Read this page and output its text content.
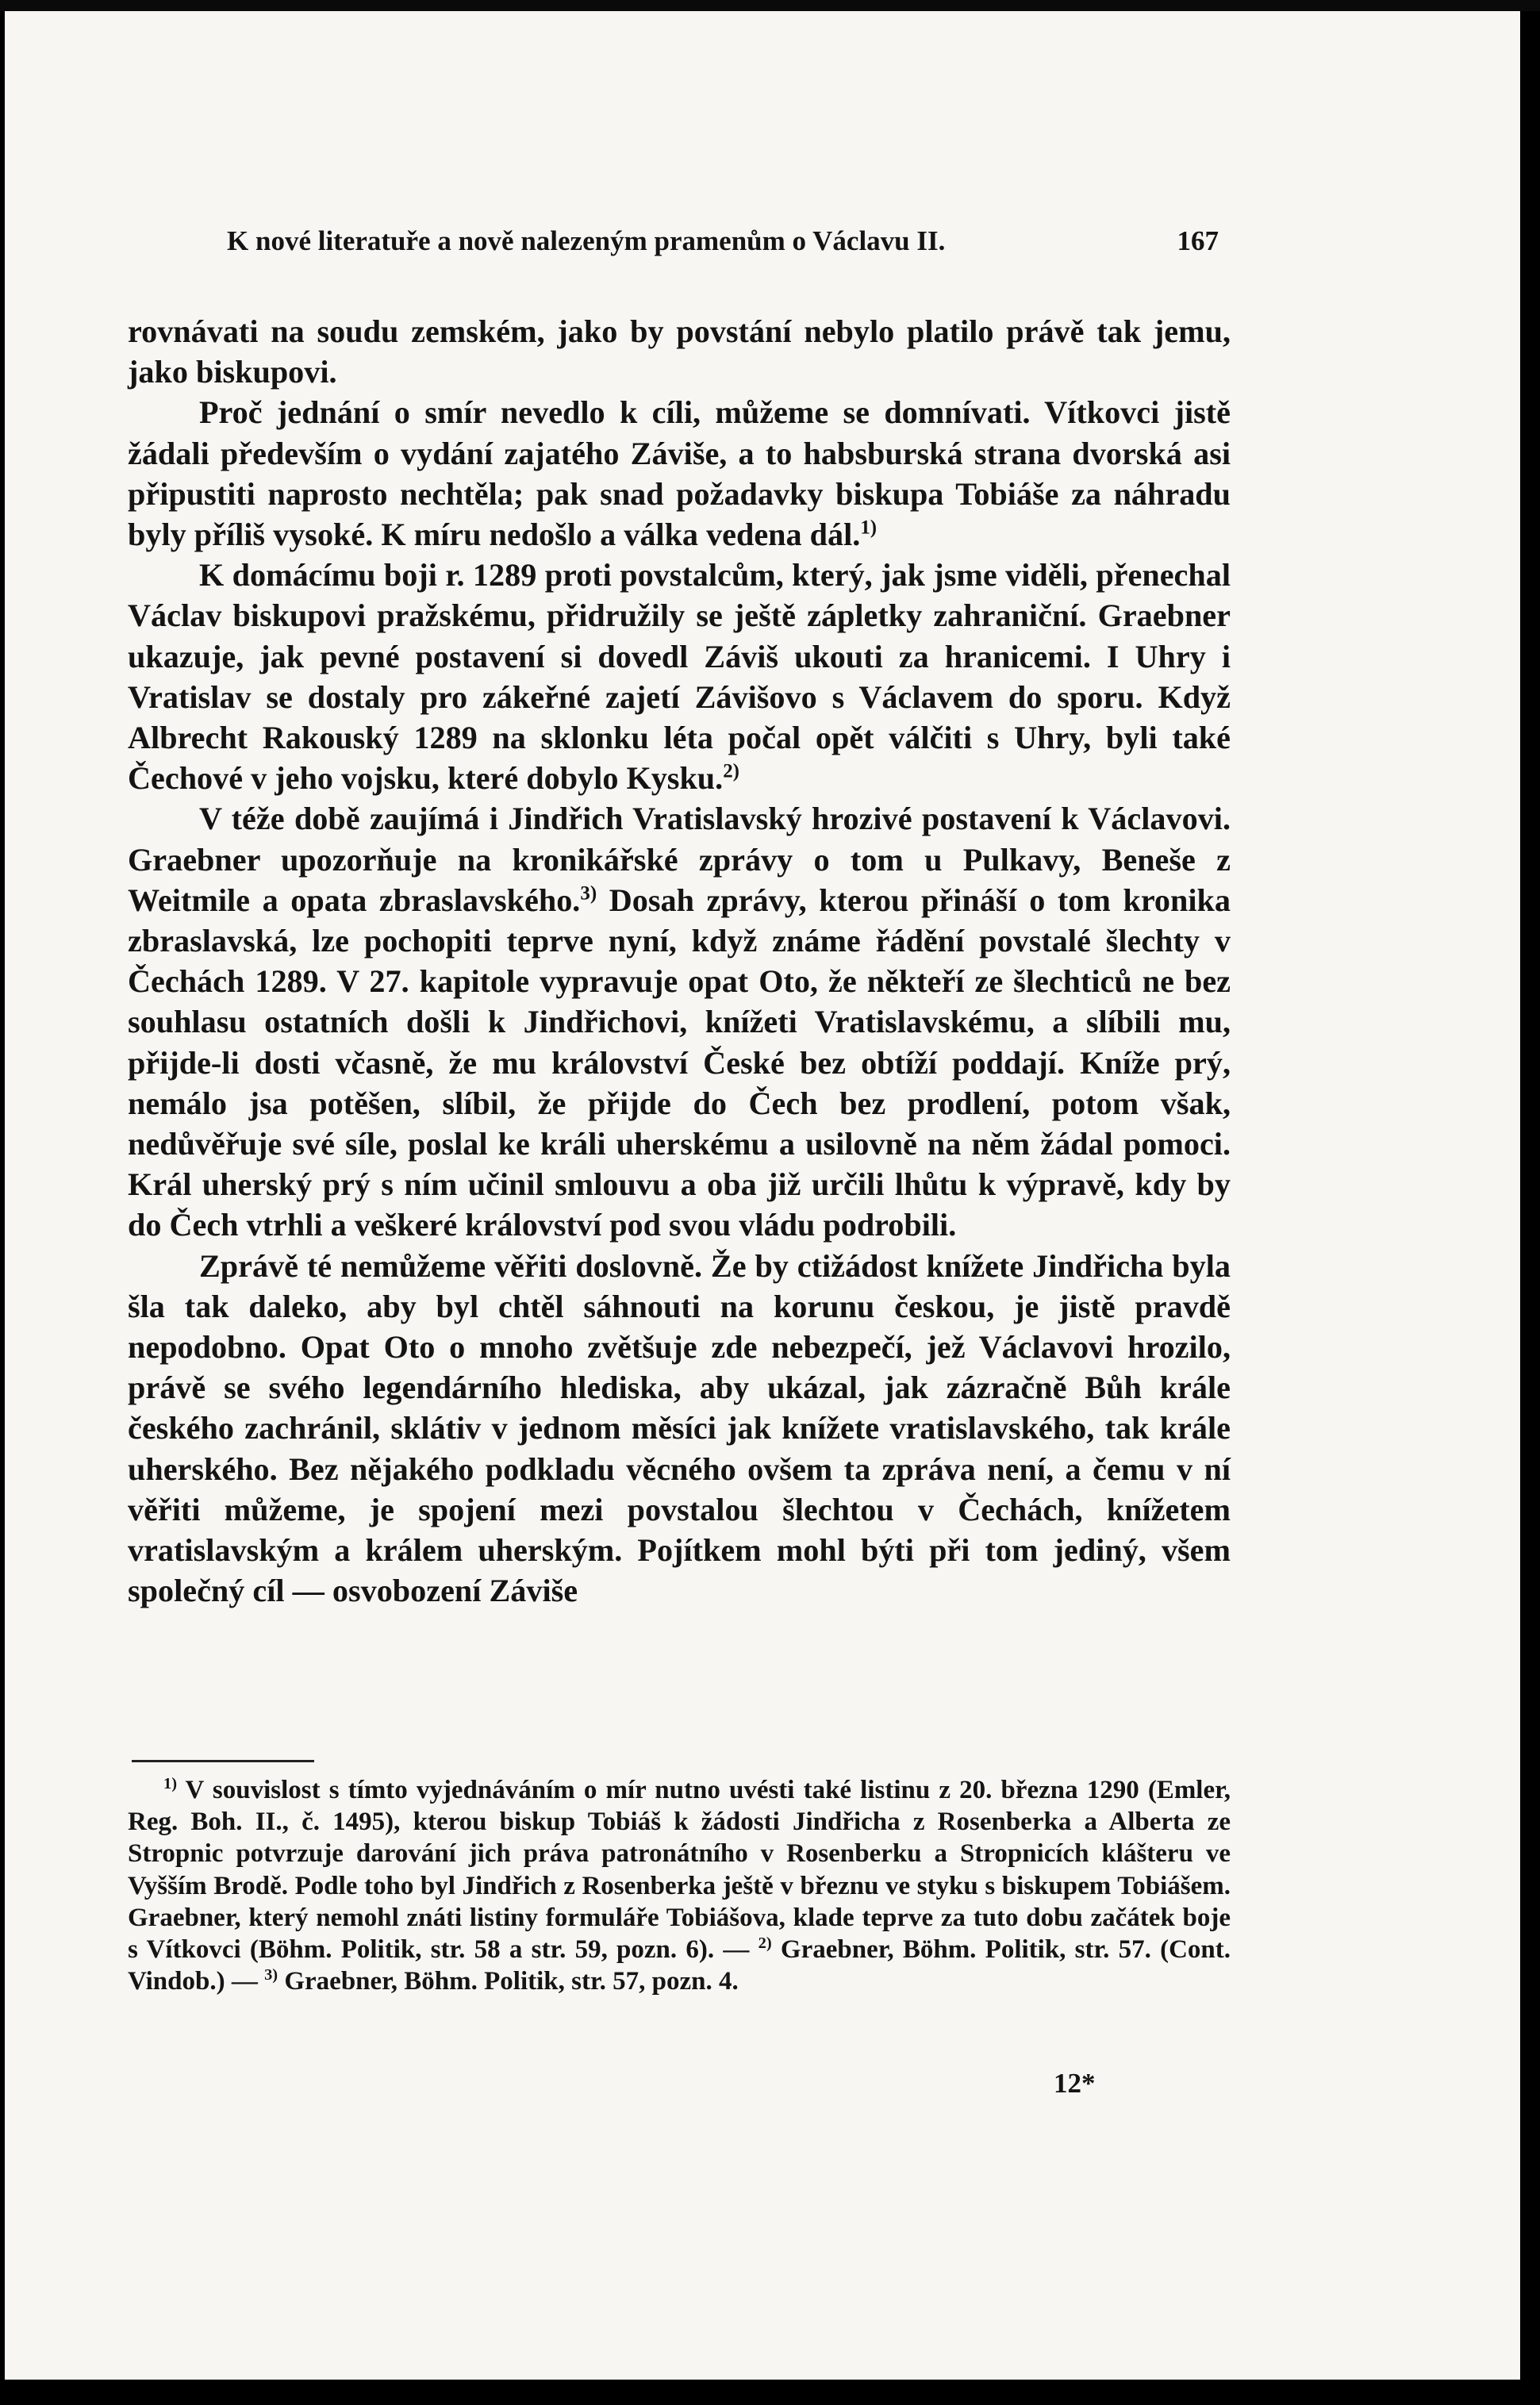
K nové literatuře a nově nalezeným pramenům o Václavu II.	167

rovnávati na soudu zemském, jako by povstání nebylo platilo právě tak jemu, jako biskupovi.

Proč jednání o smír nevedlo k cíli, můžeme se domnívati. Vítkovci jistě žádali především o vydání zajatého Záviše, a to habsburská strana dvorská asi připustiti naprosto nechtěla; pak snad požadavky biskupa Tobiáše za náhradu byly příliš vysoké. K míru nedošlo a válka vedena dál.$^{1)}$

K domácímu boji r. 1289 proti povstalcům, který, jak jsme viděli, přenechal Václav biskupovi pražskému, přidružily se ještě zápletky zahraniční. Graebner ukazuje, jak pevné postavení si dovedl Záviš ukouti za hranicemi. I Uhry i Vratislav se dostaly pro zákeřné zajetí Závišovo s Václavem do sporu. Když Albrecht Rakouský 1289 na sklonku léta počal opět válčiti s Uhry, byli také Čechové v jeho vojsku, které dobylo Kysku.$^{2)}$

V téže době zaujímá i Jindřich Vratislavský hrozivé postavení k Václavovi. Graebner upozorňuje na kronikářské zprávy o tom u Pulkavy, Beneše z Weitmile a opata zbraslavského.$^{3)}$ Dosah zprávy, kterou přináší o tom kronika zbraslavská, lze pochopiti teprve nyní, když známe řádění povstalé šlechty v Čechách 1289. V 27. kapitole vypravuje opat Oto, že někteří ze šlechticů ne bez souhlasu ostatních došli k Jindřichovi, knížeti Vratislavskému, a slíbili mu, přijde-li dosti včasně, že mu království České bez obtíží poddají. Kníže prý, nemálo jsa potěšen, slíbil, že přijde do Čech bez prodlení, potom však, nedůvěřuje své síle, poslal ke králi uherskému a usilovně na něm žádal pomoci. Král uherský prý s ním učinil smlouvu a oba již určili lhůtu k výpravě, kdy by do Čech vtrhli a veškeré království pod svou vládu podrobili.

Zprávě té nemůžeme věřiti doslovně. Že by ctižádost knížete Jindřicha byla šla tak daleko, aby byl chtěl sáhnouti na korunu českou, je jistě pravdě nepodobno. Opat Oto o mnoho zvětšuje zde nebezpečí, jež Václavovi hrozilo, právě se svého legendárního hlediska, aby ukázal, jak zázračně Bůh krále českého zachránil, sklátiv v jednom měsíci jak knížete vratislavského, tak krále uherského. Bez nějakého podkladu věcného ovšem ta zpráva není, a čemu v ní věřiti můžeme, je spojení mezi povstalou šlechtou v Čechách, knížetem vratislavským a králem uherským. Pojítkem mohl býti při tom jediný, všem společný cíl — osvobození Záviše

$^{1)}$ V souvislost s tímto vyjednáváním o mír nutno uvésti také listinu z 20. března 1290 (Emler, Reg. Boh. II., č. 1495), kterou biskup Tobiáš k žádosti Jindřicha z Rosenberka a Alberta ze Stropnic potvrzuje darování jich práva patronátního v Rosenberku a Stropnicích klášteru ve Vyšším Brodě. Podle toho byl Jindřich z Rosenberka ještě v březnu ve styku s biskupem Tobiášem. Graebner, který nemohl znáti listiny formuláře Tobiášova, klade teprve za tuto dobu začátek boje s Vítkovci (Böhm. Politik, str. 58 a str. 59, pozn. 6). — $^{2)}$ Graebner, Böhm. Politik, str. 57. (Cont. Vindob.) — $^{3)}$ Graebner, Böhm. Politik, str. 57, pozn. 4.

12*
